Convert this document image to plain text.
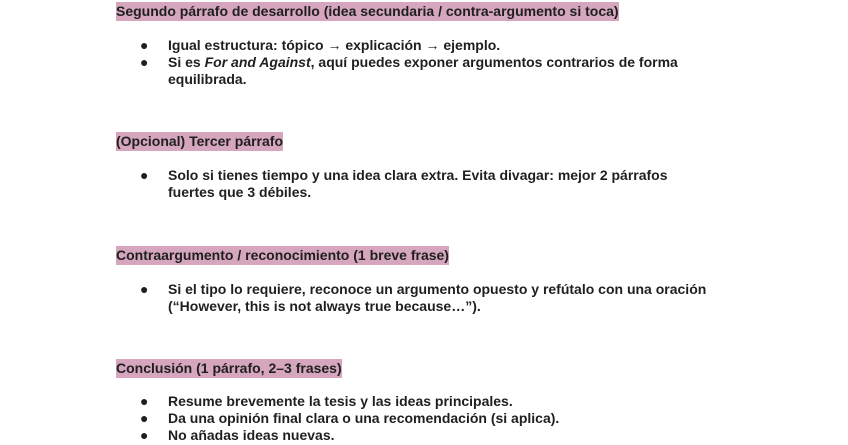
Segundo párrafo de desarrollo (idea secundaria / contra-argumento si toca)

● Igual estructura: tópico → explicación → ejemplo.
● Si es For and Against, aquí puedes exponer argumentos contrarios de forma equilibrada.

(Opcional) Tercer párrafo

● Solo si tienes tiempo y una idea clara extra. Evita divagar: mejor 2 párrafos fuertes que 3 débiles.

Contraargumento / reconocimiento (1 breve frase)

● Si el tipo lo requiere, reconoce un argumento opuesto y refútalo con una oración (“However, this is not always true because…”).

Conclusión (1 párrafo, 2–3 frases)

● Resume brevemente la tesis y las ideas principales.
● Da una opinión final clara o una recomendación (si aplica).
● No añadas ideas nuevas.
